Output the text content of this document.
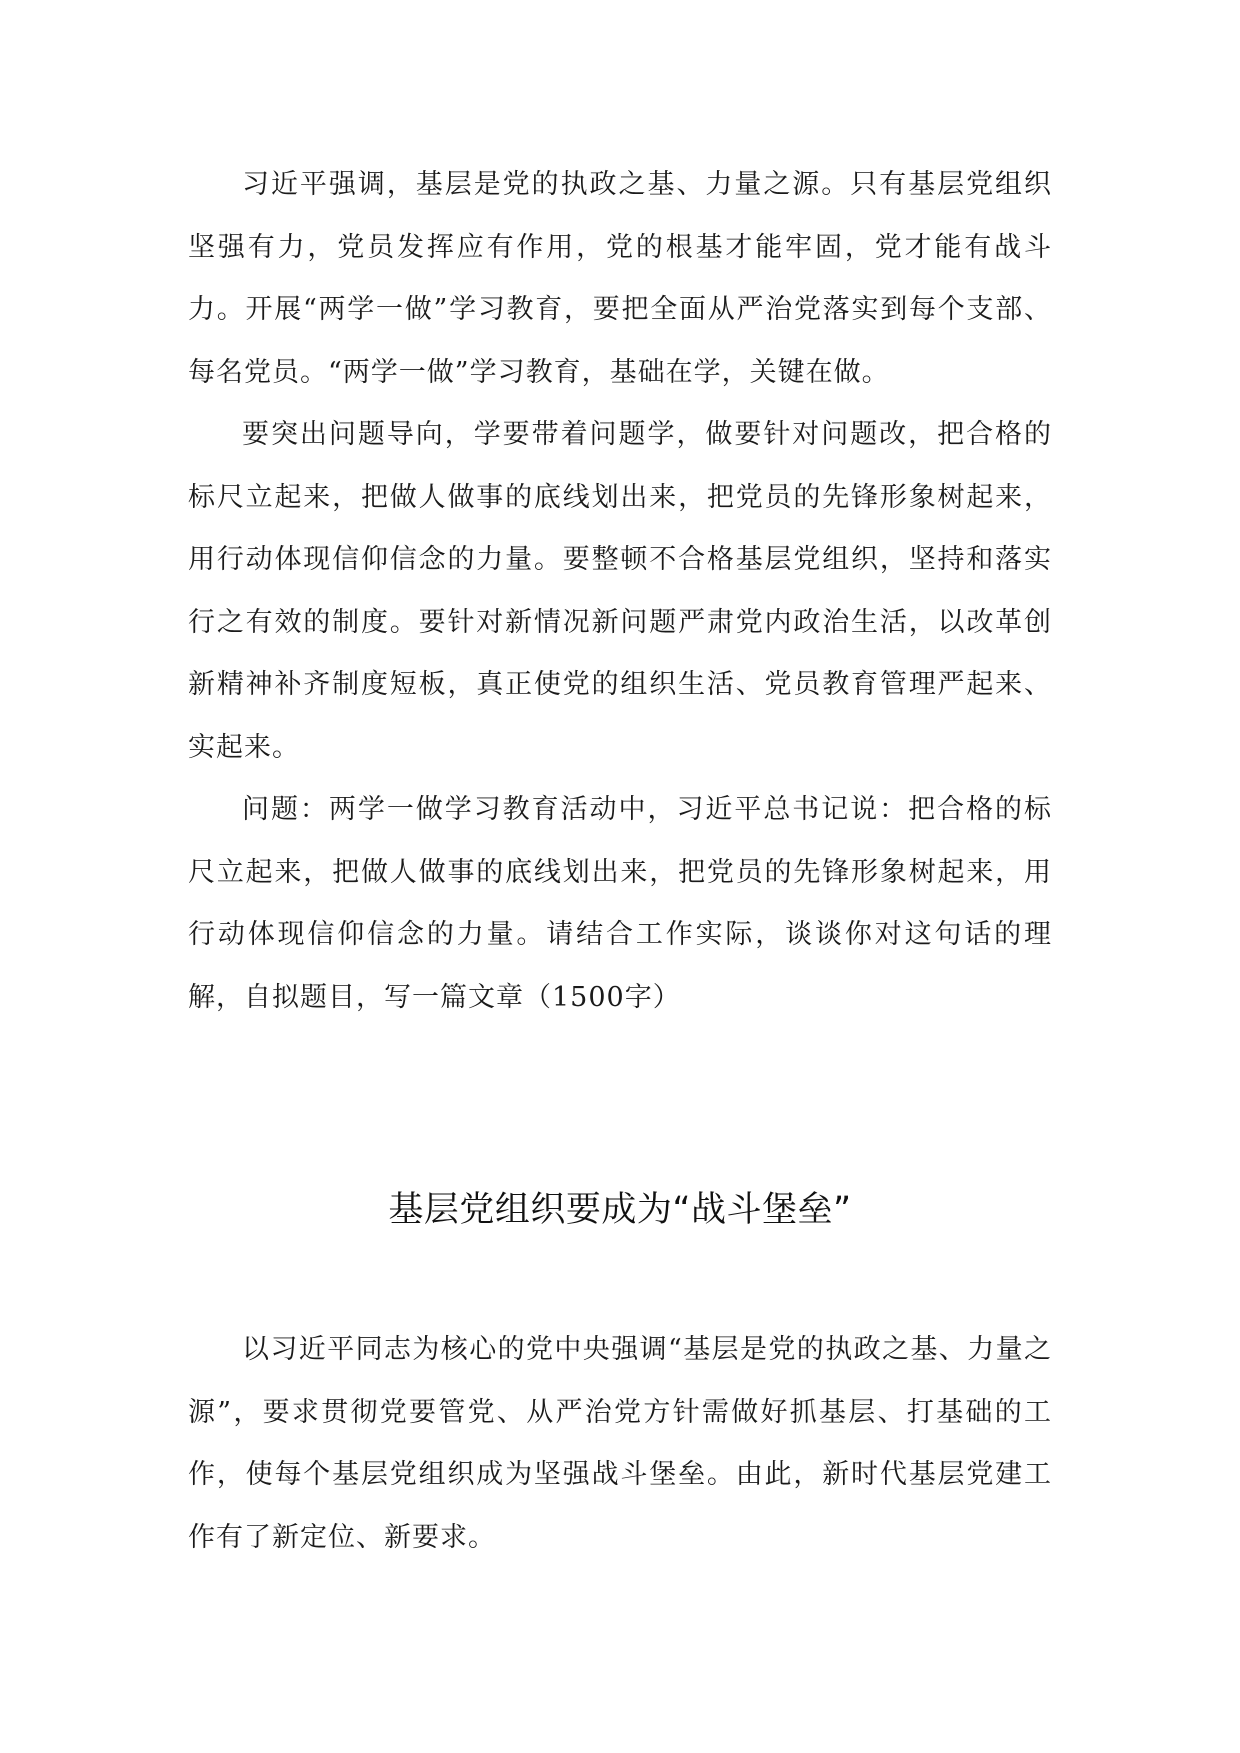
习近平强调，基层是党的执政之基、力量之源。只有基层党组织坚强有力，党员发挥应有作用，党的根基才能牢固，党才能有战斗力。开展“两学一做”学习教育，要把全面从严治党落实到每个支部、每名党员。“两学一做”学习教育，基础在学，关键在做。

要突出问题导向，学要带着问题学，做要针对问题改，把合格的标尺立起来，把做人做事的底线划出来，把党员的先锋形象树起来，用行动体现信仰信念的力量。要整顿不合格基层党组织，坚持和落实行之有效的制度。要针对新情况新问题严肃党内政治生活，以改革创新精神补齐制度短板，真正使党的组织生活、党员教育管理严起来、实起来。

问题：两学一做学习教育活动中，习近平总书记说：把合格的标尺立起来，把做人做事的底线划出来，把党员的先锋形象树起来，用行动体现信仰信念的力量。请结合工作实际，谈谈你对这句话的理解，自拟题目，写一篇文章（1500字）

基层党组织要成为“战斗堡垒”

以习近平同志为核心的党中央强调“基层是党的执政之基、力量之源”，要求贯彻党要管党、从严治党方针需做好抓基层、打基础的工作，使每个基层党组织成为坚强战斗堡垒。由此，新时代基层党建工作有了新定位、新要求。
